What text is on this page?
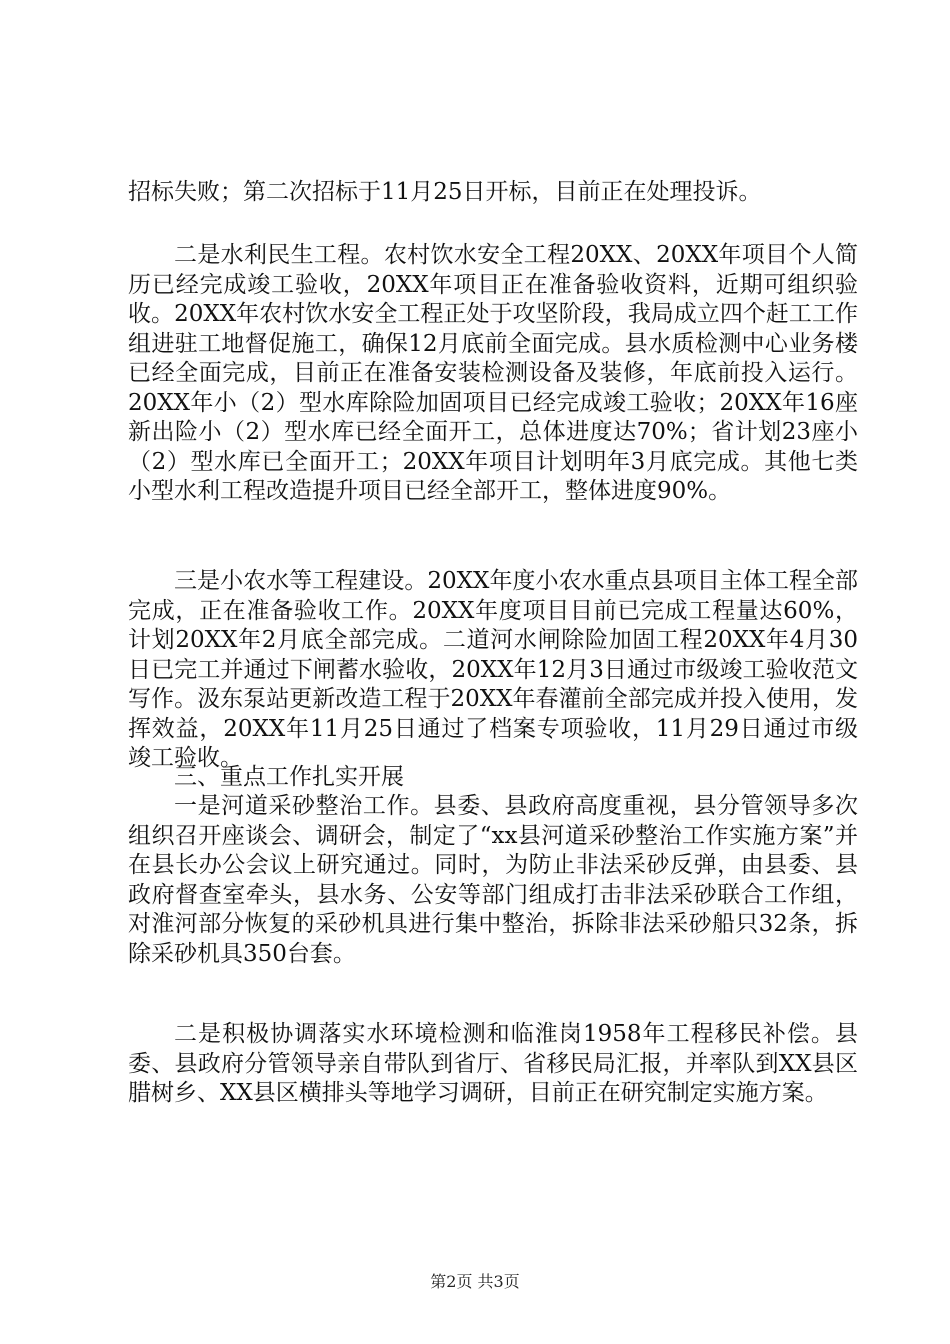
招标失败；第二次招标于11月25日开标，目前正在处理投诉。

二是水利民生工程。农村饮水安全工程20XX、20XX年项目个人简历已经完成竣工验收，20XX年项目正在准备验收资料，近期可组织验收。20XX年农村饮水安全工程正处于攻坚阶段，我局成立四个赶工工作组进驻工地督促施工，确保12月底前全面完成。县水质检测中心业务楼已经全面完成，目前正在准备安装检测设备及装修，年底前投入运行。20XX年小（2）型水库除险加固项目已经完成竣工验收；20XX年16座新出险小（2）型水库已经全面开工，总体进度达70%；省计划23座小（2）型水库已全面开工；20XX年项目计划明年3月底完成。其他七类小型水利工程改造提升项目已经全部开工，整体进度90%。

三是小农水等工程建设。20XX年度小农水重点县项目主体工程全部完成，正在准备验收工作。20XX年度项目目前已完成工程量达60%，计划20XX年2月底全部完成。二道河水闸除险加固工程20XX年4月30日已完工并通过下闸蓄水验收，20XX年12月3日通过市级竣工验收范文写作。汲东泵站更新改造工程于20XX年春灌前全部完成并投入使用，发挥效益，20XX年11月25日通过了档案专项验收，11月29日通过市级竣工验收。

三、重点工作扎实开展

一是河道采砂整治工作。县委、县政府高度重视，县分管领导多次组织召开座谈会、调研会，制定了“xx县河道采砂整治工作实施方案”并在县长办公会议上研究通过。同时，为防止非法采砂反弹，由县委、县政府督查室牵头，县水务、公安等部门组成打击非法采砂联合工作组，对淮河部分恢复的采砂机具进行集中整治，拆除非法采砂船只32条，拆除采砂机具350台套。

二是积极协调落实水环境检测和临淮岗1958年工程移民补偿。县委、县政府分管领导亲自带队到省厅、省移民局汇报，并率队到XX县区腊树乡、XX县区横排头等地学习调研，目前正在研究制定实施方案。

第2页 共3页
